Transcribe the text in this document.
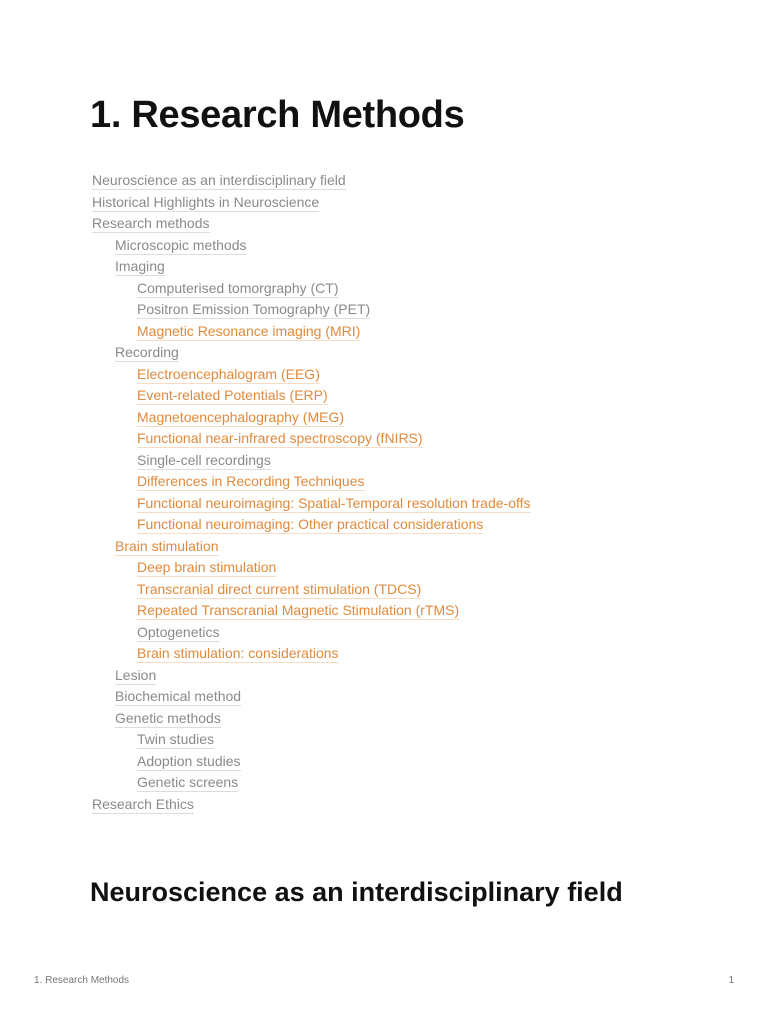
1. Research Methods
Neuroscience as an interdisciplinary field
Historical Highlights in Neuroscience
Research methods
Microscopic methods
Imaging
Computerised tomorgraphy (CT)
Positron Emission Tomography (PET)
Magnetic Resonance imaging (MRI)
Recording
Electroencephalogram (EEG)
Event-related Potentials (ERP)
Magnetoencephalography (MEG)
Functional near-infrared spectroscopy (fNIRS)
Single-cell recordings
Differences in Recording Techniques
Functional neuroimaging: Spatial-Temporal resolution trade-offs
Functional neuroimaging: Other practical considerations
Brain stimulation
Deep brain stimulation
Transcranial direct current stimulation (TDCS)
Repeated Transcranial Magnetic Stimulation (rTMS)
Optogenetics
Brain stimulation: considerations
Lesion
Biochemical method
Genetic methods
Twin studies
Adoption studies
Genetic screens
Research Ethics
Neuroscience as an interdisciplinary field
1. Research Methods	1
